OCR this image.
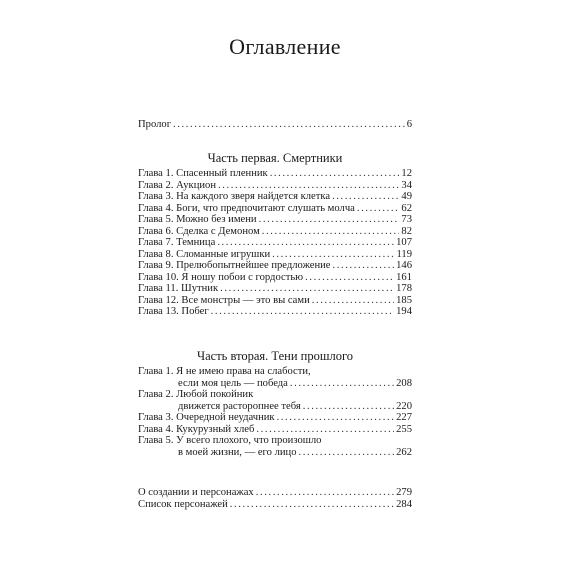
Оглавление
Пролог .....	6
Часть первая. Смертники
Глава 1. Спасенный пленник .....	12
Глава 2. Аукцион .....	34
Глава 3. На каждого зверя найдется клетка .....	49
Глава 4. Боги, что предпочитают слушать молча .....	62
Глава 5. Можно без имени .....	73
Глава 6. Сделка с Демоном .....	82
Глава 7. Темница .....	107
Глава 8. Сломанные игрушки .....	119
Глава 9. Прелюбопытнейшее предложение .....	146
Глава 10. Я ношу побои с гордостью .....	161
Глава 11. Шутник .....	178
Глава 12. Все монстры — это вы сами .....	185
Глава 13. Побег .....	194
Часть вторая. Тени прошлого
Глава 1. Я не имею права на слабости,
если моя цель — победа .....	208
Глава 2. Любой покойник
движется расторопнее тебя .....	220
Глава 3. Очередной неудачник .....	227
Глава 4. Кукурузный хлеб .....	255
Глава 5. У всего плохого, что произошло
в моей жизни, — его лицо .....	262
О создании и персонажах .....	279
Список персонажей .....	284
